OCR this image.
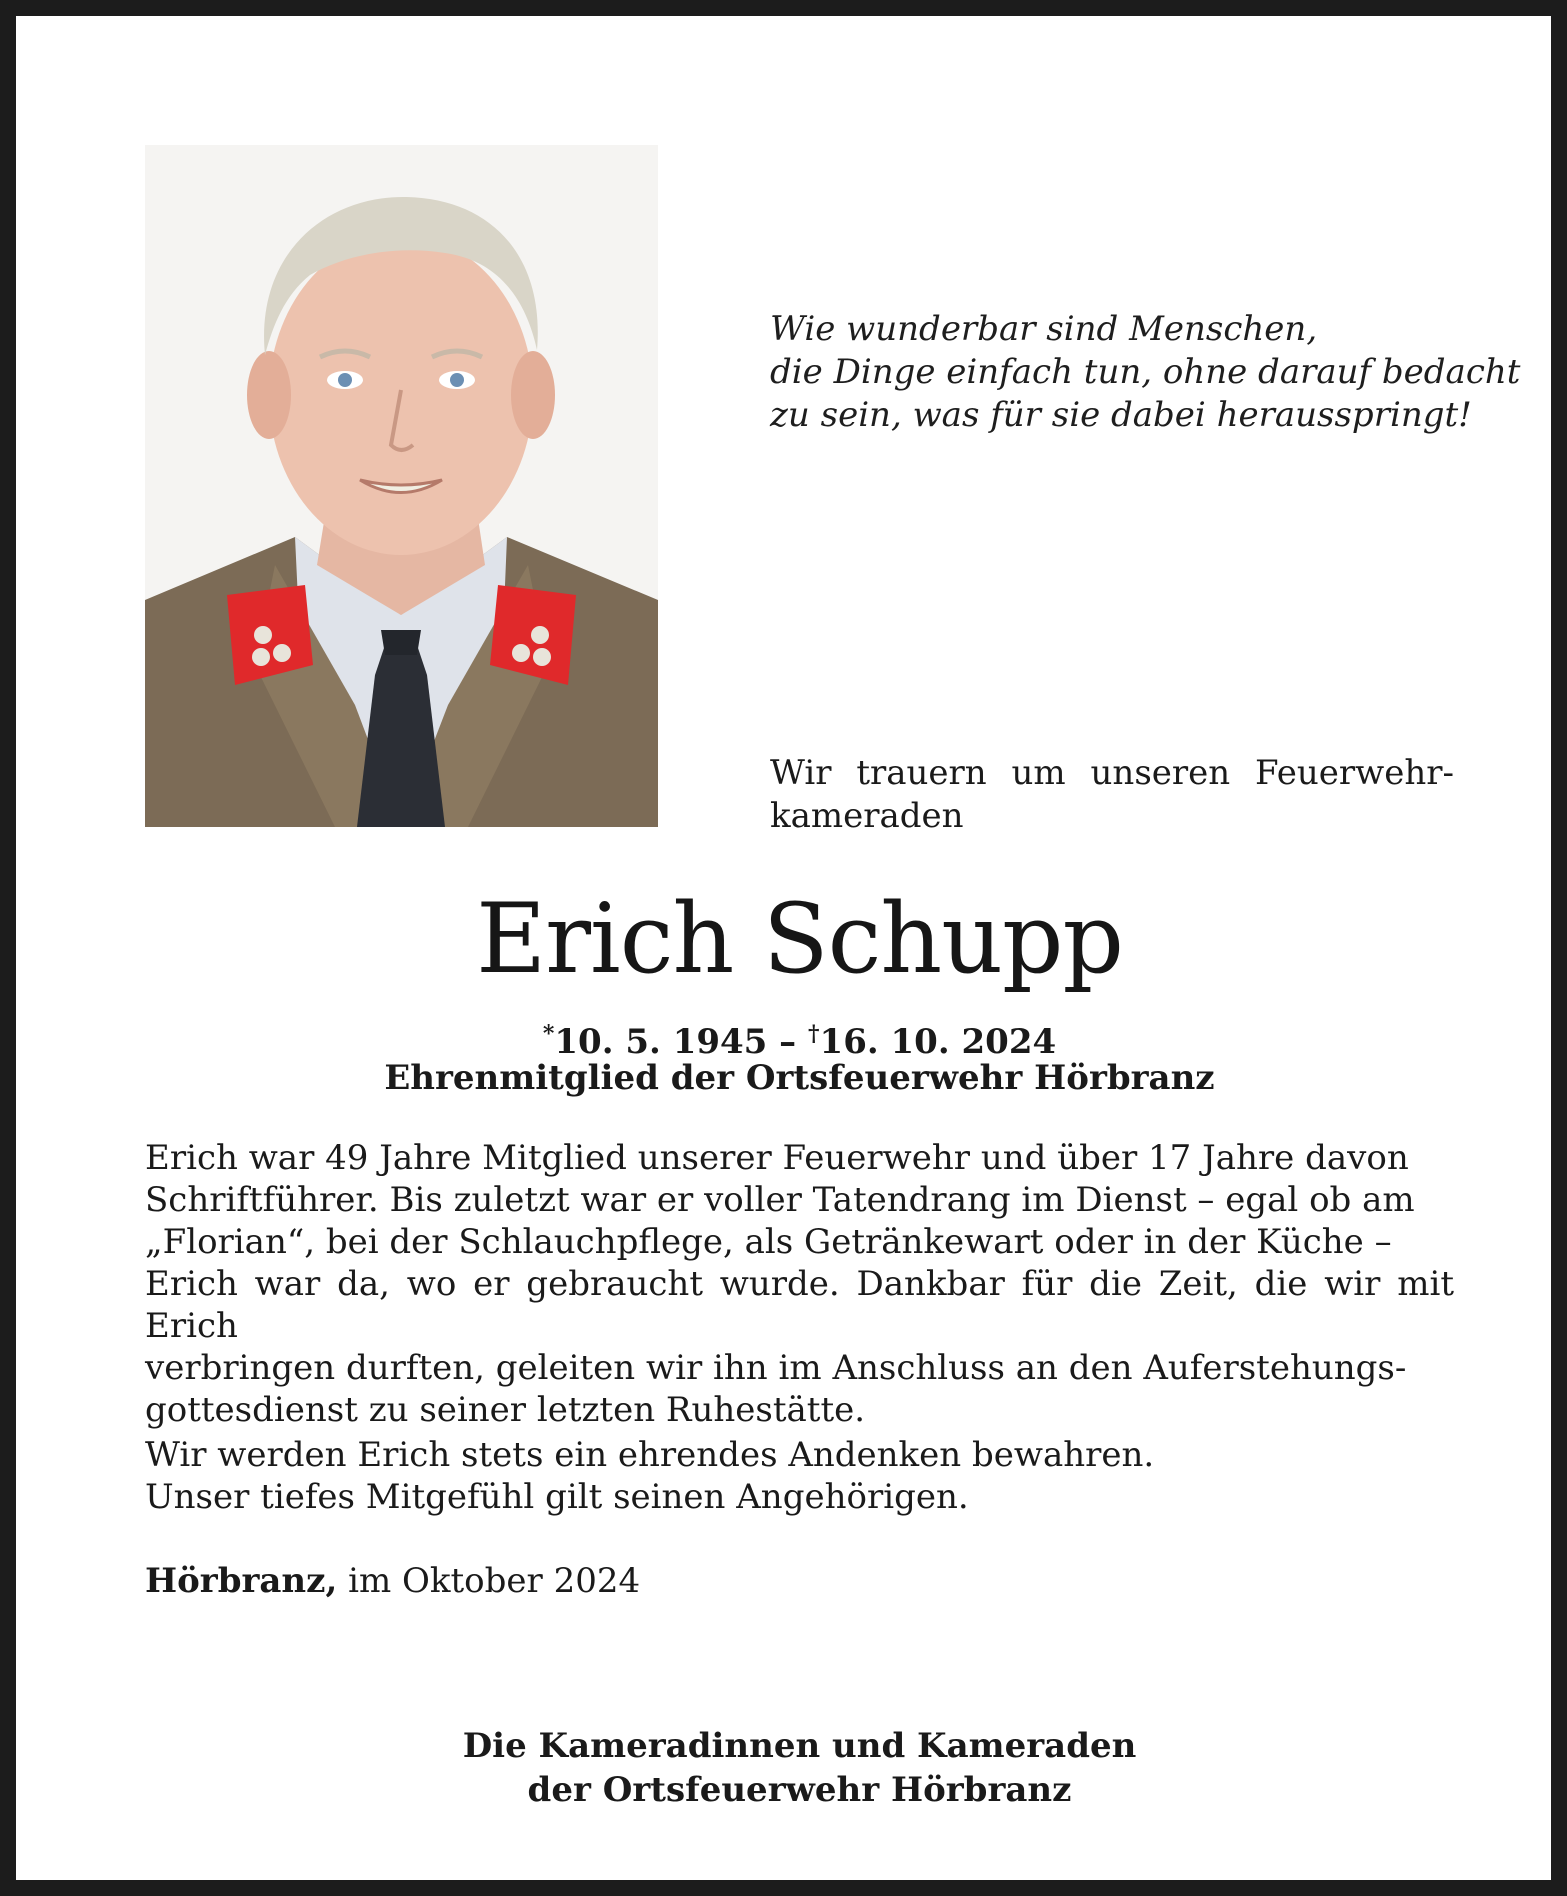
Wie wunderbar sind Menschen,
die Dinge einfach tun, ohne darauf bedacht
zu sein, was für sie dabei herausspringt!
Wir trauern um unseren Feuerwehr-kameraden
Erich Schupp
*10. 5. 1945 – †16. 10. 2024
Ehrenmitglied der Ortsfeuerwehr Hörbranz
Erich war 49 Jahre Mitglied unserer Feuerwehr und über 17 Jahre davon
Schriftführer. Bis zuletzt war er voller Tatendrang im Dienst – egal ob am
„Florian“, bei der Schlauchpflege, als Getränkewart oder in der Küche –
Erich war da, wo er gebraucht wurde. Dankbar für die Zeit, die wir mit Erich
verbringen durften, geleiten wir ihn im Anschluss an den Auferstehungs-
gottesdienst zu seiner letzten Ruhestätte.
Wir werden Erich stets ein ehrendes Andenken bewahren.
Unser tiefes Mitgefühl gilt seinen Angehörigen.
Hörbranz, im Oktober 2024
Die Kameradinnen und Kameraden
der Ortsfeuerwehr Hörbranz
